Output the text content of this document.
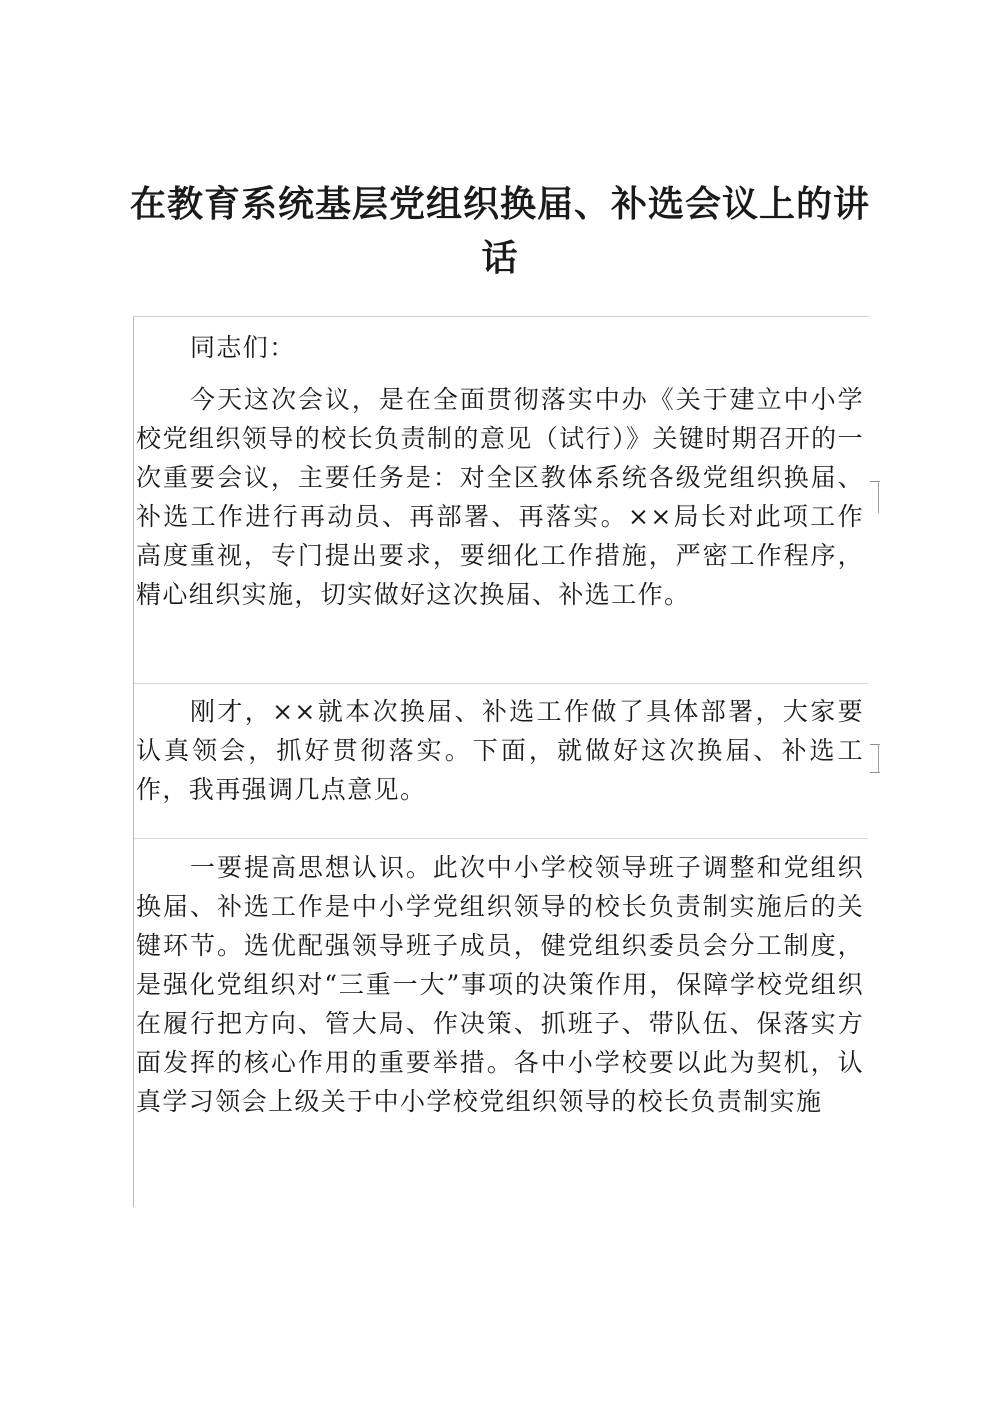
在教育系统基层党组织换届、补选会议上的讲话

同志们：

今天这次会议，是在全面贯彻落实中办《关于建立中小学校党组织领导的校长负责制的意见（试行）》关键时期召开的一次重要会议，主要任务是：对全区教体系统各级党组织换届、补选工作进行再动员、再部署、再落实。××局长对此项工作高度重视，专门提出要求，要细化工作措施，严密工作程序，精心组织实施，切实做好这次换届、补选工作。

刚才，××就本次换届、补选工作做了具体部署，大家要认真领会，抓好贯彻落实。下面，就做好这次换届、补选工作，我再强调几点意见。

一要提高思想认识。此次中小学校领导班子调整和党组织换届、补选工作是中小学党组织领导的校长负责制实施后的关键环节。选优配强领导班子成员，健党组织委员会分工制度，是强化党组织对“三重一大”事项的决策作用，保障学校党组织在履行把方向、管大局、作决策、抓班子、带队伍、保落实方面发挥的核心作用的重要举措。各中小学校要以此为契机，认真学习领会上级关于中小学校党组织领导的校长负责制实施
